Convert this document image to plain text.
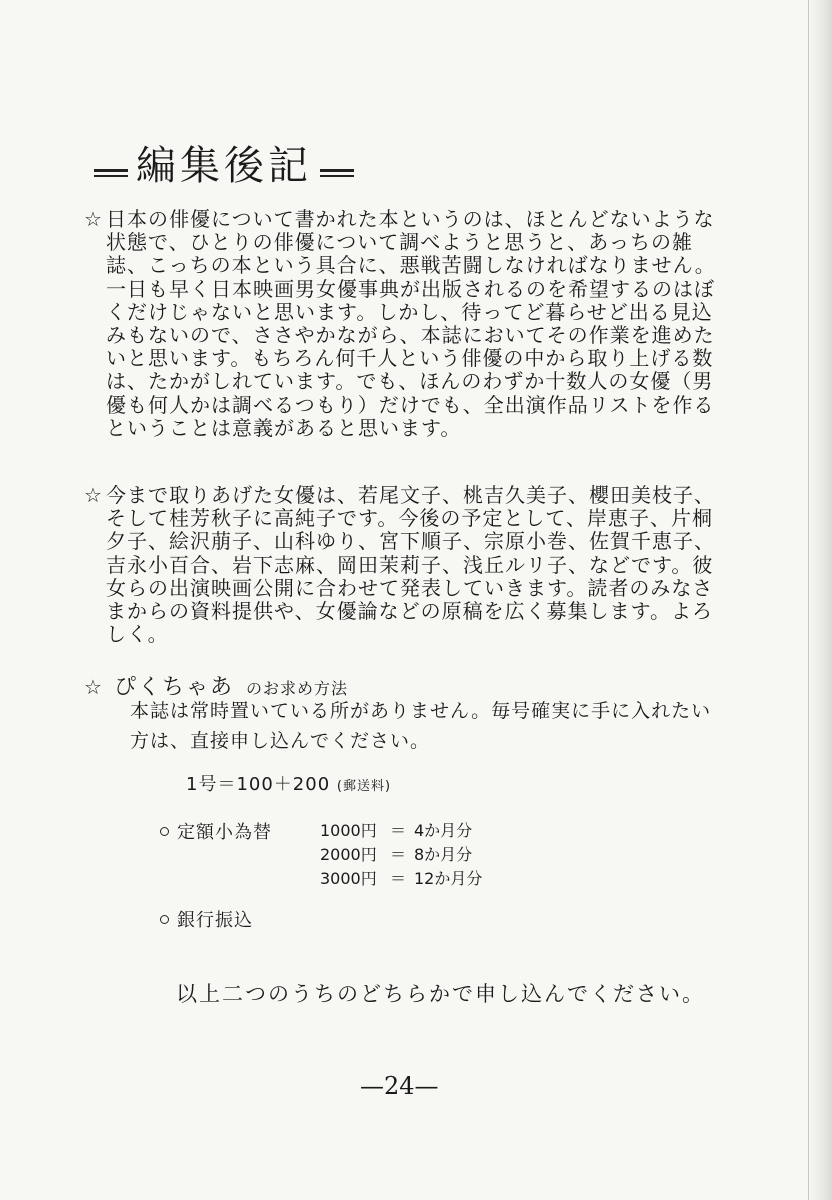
編集後記
☆ 日本の俳優について書かれた本というのは、ほとんどないような状態で、ひとりの俳優について調べようと思うと、あっちの雑誌、こっちの本という具合に、悪戦苦闘しなければなりません。一日も早く日本映画男女優事典が出版されるのを希望するのはぼくだけじゃないと思います。しかし、待ってど暮らせど出る見込みもないので、ささやかながら、本誌においてその作業を進めたいと思います。もちろん何千人という俳優の中から取り上げる数は、たかがしれています。でも、ほんのわずか十数人の女優（男優も何人かは調べるつもり）だけでも、全出演作品リストを作るということは意義があると思います。
☆ 今まで取りあげた女優は、若尾文子、桃吉久美子、櫻田美枝子、そして桂芳秋子に高純子です。今後の予定として、岸恵子、片桐夕子、絵沢萠子、山科ゆり、宮下順子、宗原小巻、佐賀千恵子、吉永小百合、岩下志麻、岡田茉莉子、浅丘ルリ子、などです。彼女らの出演映画公開に合わせて発表していきます。読者のみなさまからの資料提供や、女優論などの原稿を広く募集します。よろしく。
☆ ぴくちゃあ のお求め方法
本誌は常時置いている所がありません。毎号確実に手に入れたい方は、直接申し込んでください。
1号＝100＋200 (郵送料)
定額小為替	1000円 ＝ 4か月分
2000円 ＝ 8か月分
3000円 ＝ 12か月分
銀行振込
以上二つのうちのどちらかで申し込んでください。
—24—
